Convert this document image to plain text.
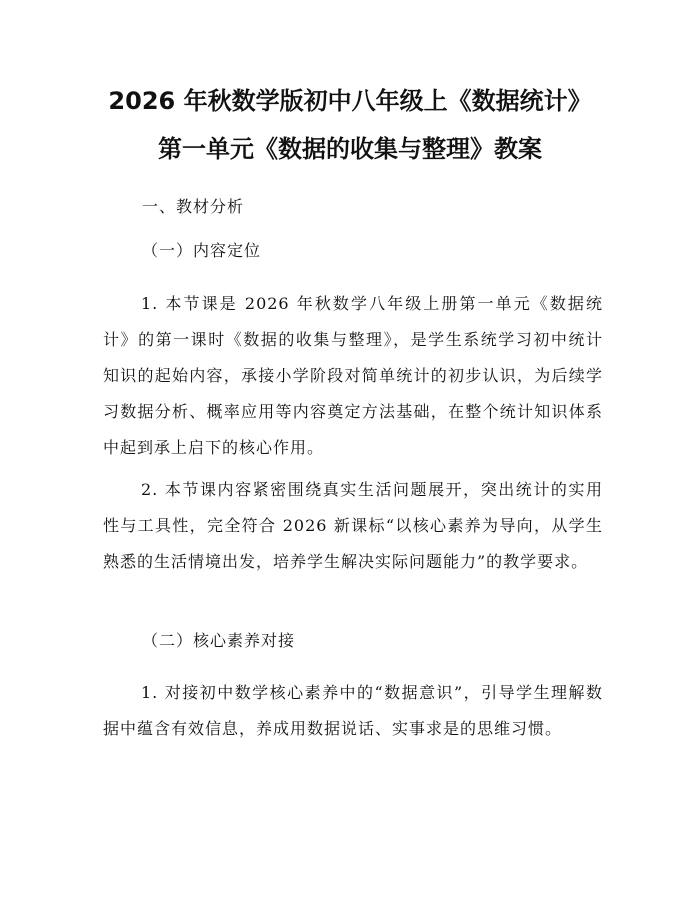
2026 年秋数学版初中八年级上《数据统计》
第一单元《数据的收集与整理》教案
一、教材分析
（一）内容定位
1. 本节课是 2026 年秋数学八年级上册第一单元《数据统计》的第一课时《数据的收集与整理》，是学生系统学习初中统计知识的起始内容，承接小学阶段对简单统计的初步认识，为后续学习数据分析、概率应用等内容奠定方法基础，在整个统计知识体系中起到承上启下的核心作用。
2. 本节课内容紧密围绕真实生活问题展开，突出统计的实用性与工具性，完全符合 2026 新课标“以核心素养为导向，从学生熟悉的生活情境出发，培养学生解决实际问题能力”的教学要求。
（二）核心素养对接
1. 对接初中数学核心素养中的“数据意识”，引导学生理解数据中蕴含有效信息，养成用数据说话、实事求是的思维习惯。
